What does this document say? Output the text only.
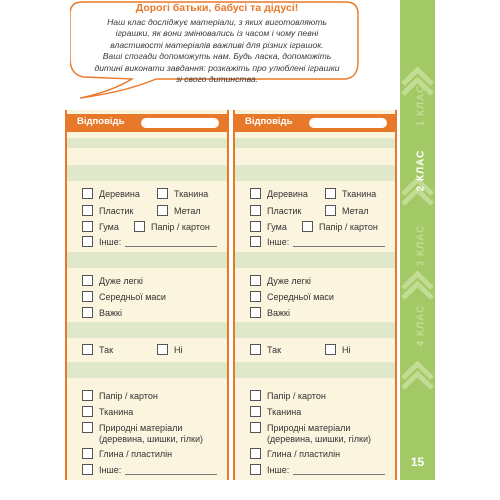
1 КЛАС
2 КЛАС
3 КЛАС
4 КЛАС
15
Дорогі батьки, бабусі та дідусі!
Наш клас досліджує матеріали, з яких виготовляють
іграшки, як вони змінювались із часом і чому певні
властивості матеріалів важливі для різних іграшок.
Ваші спогади допоможуть нам. Будь ласка, допоможіть
дитині виконати завдання: розкажіть про улюблені іграшки
зі свого дитинства.
Відповідь
Деревина	Тканина
Пластик	Метал
Гума	Папір / картон
Інше:
Дуже легкі
Середньої маси
Важкі
Так	Ні
Папір / картон
Тканина
Природні матеріали
(деревина, шишки, гілки)
Глина / пластилін
Інше:
Відповідь
Деревина	Тканина
Пластик	Метал
Гума	Папір / картон
Інше:
Дуже легкі
Середньої маси
Важкі
Так	Ні
Папір / картон
Тканина
Природні матеріали
(деревина, шишки, гілки)
Глина / пластилін
Інше:
